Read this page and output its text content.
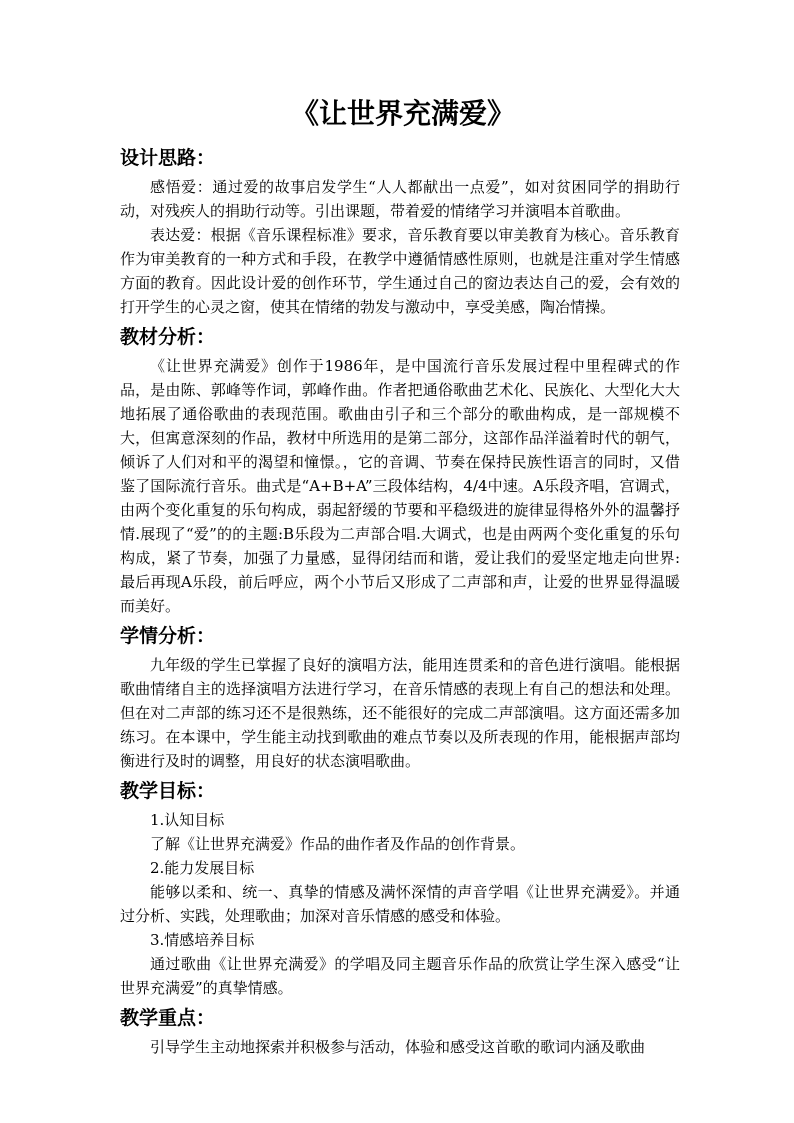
《让世界充满爱》
设计思路：

感悟爱：通过爱的故事启发学生“人人都献出一点爱”，如对贫困同学的捐助行动，对残疾人的捐助行动等。引出课题，带着爱的情绪学习并演唱本首歌曲。

表达爱：根据《音乐课程标准》要求，音乐教育要以审美教育为核心。音乐教育作为审美教育的一种方式和手段，在教学中遵循情感性原则，也就是注重对学生情感方面的教育。因此设计爱的创作环节，学生通过自己的窗边表达自己的爱，会有效的打开学生的心灵之窗，使其在情绪的勃发与激动中，享受美感，陶冶情操。

教材分析：

《让世界充满爱》创作于1986年，是中国流行音乐发展过程中里程碑式的作品，是由陈、郭峰等作词，郭峰作曲。作者把通俗歌曲艺术化、民族化、大型化大大地拓展了通俗歌曲的表现范围。歌曲由引子和三个部分的歌曲构成，是一部规模不大，但寓意深刻的作品，教材中所选用的是第二部分，这部作品洋溢着时代的朝气，倾诉了人们对和平的渴望和憧憬。，它的音调、节奏在保持民族性语言的同时，又借鉴了国际流行音乐。曲式是“A+B+A”三段体结构，4/4中速。A乐段齐唱，宫调式，由两个变化重复的乐句构成，弱起舒缓的节要和平稳级进的旋律显得格外外的温馨抒情.展现了“爱”的的主题:B乐段为二声部合唱.大调式，也是由两两个变化重复的乐句构成，紧了节奏，加强了力量感，显得闭结而和谐，爱让我们的爱坚定地走向世界:最后再现A乐段，前后呼应，两个小节后又形成了二声部和声，让爱的世界显得温暖而美好。

学情分析：

九年级的学生已掌握了良好的演唱方法，能用连贯柔和的音色进行演唱。能根据歌曲情绪自主的选择演唱方法进行学习，在音乐情感的表现上有自己的想法和处理。但在对二声部的练习还不是很熟练，还不能很好的完成二声部演唱。这方面还需多加练习。在本课中，学生能主动找到歌曲的难点节奏以及所表现的作用，能根据声部均衡进行及时的调整，用良好的状态演唱歌曲。

教学目标：

1.认知目标

了解《让世界充满爱》作品的曲作者及作品的创作背景。

2.能力发展目标

能够以柔和、统一、真挚的情感及满怀深情的声音学唱《让世界充满爱》。并通过分析、实践，处理歌曲；加深对音乐情感的感受和体验。

3.情感培养目标

通过歌曲《让世界充满爱》的学唱及同主题音乐作品的欣赏让学生深入感受“让世界充满爱”的真挚情感。

教学重点：

引导学生主动地探索并积极参与活动，体验和感受这首歌的歌词内涵及歌曲
